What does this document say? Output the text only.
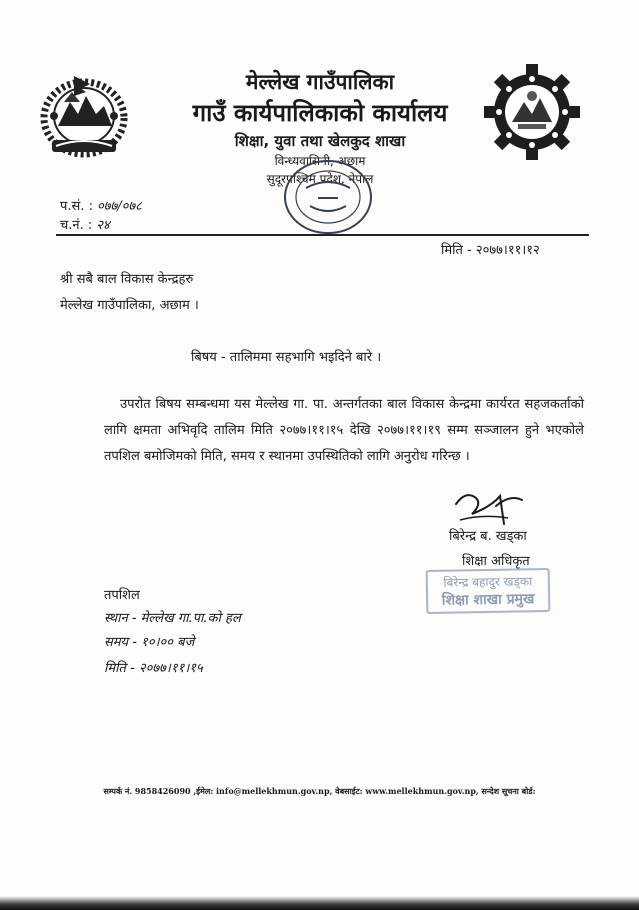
मेल्लेख गाउँपालिका
गाउँ कार्यपालिकाको कार्यालय
शिक्षा, युवा तथा खेलकुद शाखा
विन्ध्यवासिनी, अछाम
सुदूरपश्चिम प्रदेश, नेपाल
प.सं. : ०७७/०७८
च.नं. : २४
मिति - २०७७।११।१२
श्री सबै बाल विकास केन्द्रहरु
मेल्लेख गाउँपालिका, अछाम ।
बिषय - तालिममा सहभागि भइदिने बारे ।
उपरोत बिषय सम्बन्धमा यस मेल्लेख गा. पा. अन्तर्गतका बाल विकास केन्द्रमा कार्यरत सहजकर्ताको लागि क्षमता अभिवृदि तालिम मिति २०७७।११।१५ देखि २०७७।११।१९ सम्म सञ्जालन हुने भएकोले तपशिल बमोजिमको मिति, समय र स्थानमा उपस्थितिको लागि अनुरोध गरिन्छ ।
बिरेन्द्र ब. खड्का
शिक्षा अधिकृत
बिरेन्द्र बहादुर खड्का
शिक्षा शाखा प्रमुख
तपशिल
स्थान - मेल्लेख गा.पा.को हल
समय - १०।०० बजे
मिति - २०७७।११।१५
सम्पर्क नं. 9858426090 ,ईमेल: info@mellekhmun.gov.np, वेबसाईट: www.mellekhmun.gov.np, सन्देश सूचना बोर्ड:
